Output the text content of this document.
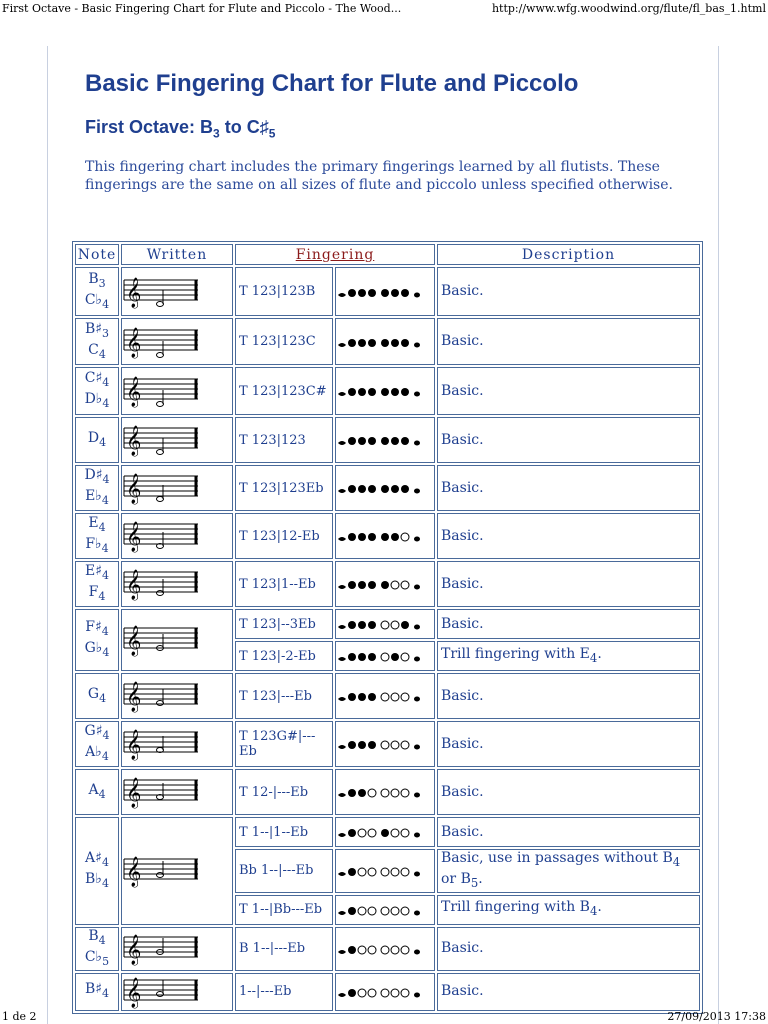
First Octave - Basic Fingering Chart for Flute and Piccolo - The Wood...	http://www.wfg.woodwind.org/flute/fl_bas_1.html
Basic Fingering Chart for Flute and Piccolo
First Octave: $B_3$ to $C♯_5$

This fingering chart includes the primary fingerings learned by all flutists. These fingerings are the same on all sizes of flute and piccolo unless specified otherwise.

Note	Written	Fingering		Description
$B_3$
$C♭_4$	𝄞	T 123|123B		Basic.
$B♯_3$
$C_4$	𝄞	T 123|123C		Basic.
$C♯_4$
$D♭_4$	𝄞	T 123|123C#		Basic.
$D_4$	𝄞	T 123|123		Basic.
$D♯_4$
$E♭_4$	𝄞	T 123|123Eb		Basic.
$E_4$
$F♭_4$	𝄞	T 123|12-Eb		Basic.
$E♯_4$
$F_4$	𝄞	T 123|1--Eb		Basic.
$F♯_4$
$G♭_4$	𝄞	T 123|--3Eb		Basic.
		T 123|-2-Eb		Trill fingering with $E_4$.
$G_4$	𝄞	T 123|---Eb		Basic.
$G♯_4$
$A♭_4$	𝄞	T 123G#|---Eb		Basic.
$A_4$	𝄞	T 12-|---Eb		Basic.
$A♯_4$
$B♭_4$	𝄞	T 1--|1--Eb		Basic.
		Bb 1--|---Eb		Basic, use in passages without $B_4$ or $B_5$.
		T 1--|Bb---Eb		Trill fingering with $B_4$.
$B_4$
$C♭_5$	𝄞	B 1--|---Eb		Basic.
$B♯_4$	𝄞	1--|---Eb		Basic.
1 de 2	27/09/2013 17:38
